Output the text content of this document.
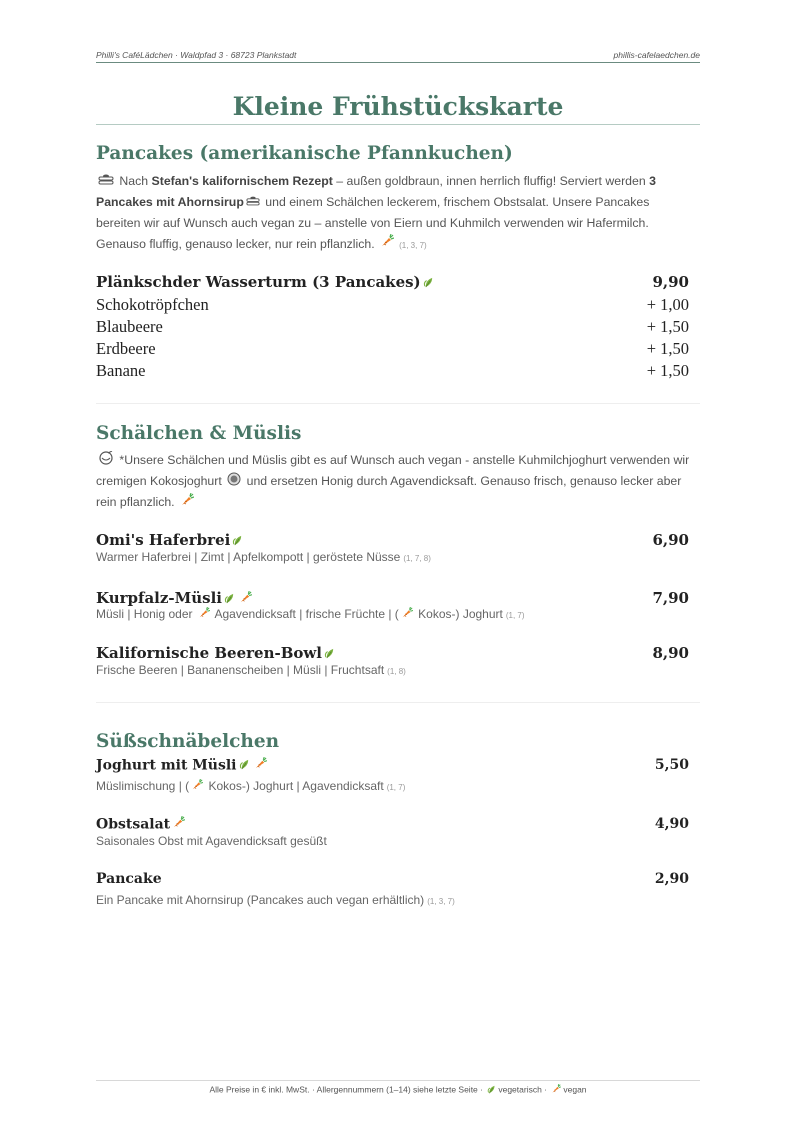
Philli's CaféLädchen · Waldpfad 3 · 68723 Plankstadt	phillis-cafelaedchen.de
Kleine Frühstückskarte
Pancakes (amerikanische Pfannkuchen)
Nach Stefan's kalifornischem Rezept – außen goldbraun, innen herrlich fluffig! Serviert werden 3 Pancakes mit Ahornsirup und einem Schälchen leckerem, frischem Obstsalat. Unsere Pancakes bereiten wir auf Wunsch auch vegan zu – anstelle von Eiern und Kuhmilch verwenden wir Hafermilch. Genauso fluffig, genauso lecker, nur rein pflanzlich.	(1, 3, 7)
Plänkschder Wasserturm (3 Pancakes)	9,90
Schokotröpfchen	+ 1,00
Blaubeere	+ 1,50
Erdbeere	+ 1,50
Banane	+ 1,50
Schälchen & Müslis
*Unsere Schälchen und Müslis gibt es auf Wunsch auch vegan - anstelle Kuhmilchjoghurt verwenden wir cremigen Kokosjoghurt  und ersetzen Honig durch Agavendicksaft. Genauso frisch, genauso lecker aber rein pflanzlich.
Omi's Haferbrei	6,90
Warmer Haferbrei | Zimt | Apfelkompott | geröstete Nüsse (1, 7, 8)
Kurpfalz-Müsli	7,90
Müsli | Honig oder  Agavendicksaft | frische Früchte | ( Kokos-) Joghurt (1, 7)
Kalifornische Beeren-Bowl	8,90
Frische Beeren | Bananenscheiben | Müsli | Fruchtsaft (1, 8)
Süßschnäbelchen
Joghurt mit Müsli	5,50
Müslimischung | ( Kokos-) Joghurt | Agavendicksaft (1, 7)
Obstsalat	4,90
Saisonales Obst mit Agavendicksaft gesüßt
Pancake	2,90
Ein Pancake mit Ahornsirup (Pancakes auch vegan erhältlich) (1, 3, 7)
Alle Preise in € inkl. MwSt. · Allergennummern (1–14) siehe letzte Seite · vegetarisch · vegan
